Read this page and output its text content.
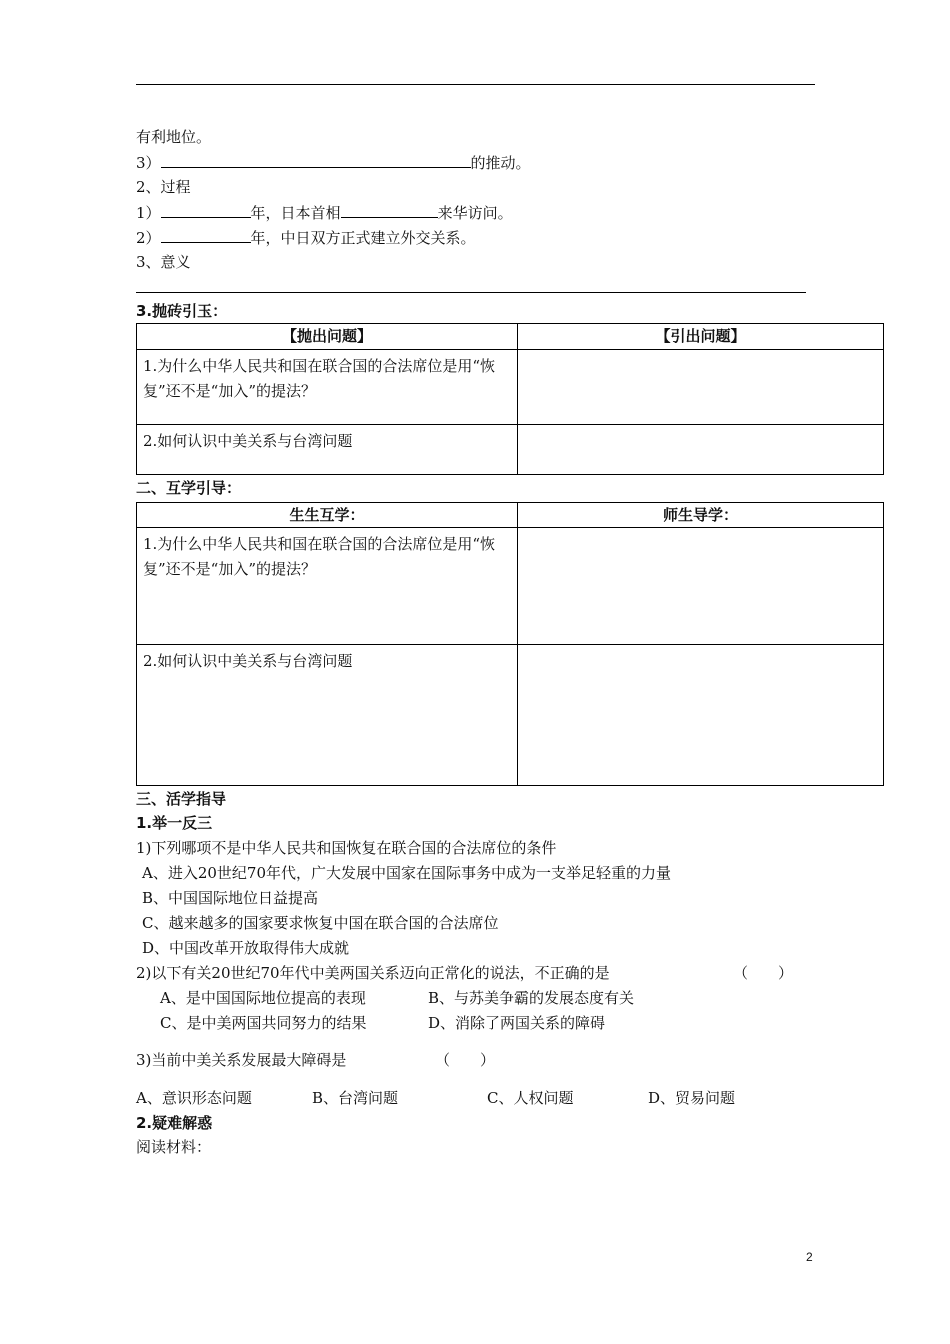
有利地位。
3）	的推动。
2、过程
1）	年，日本首相	来华访问。
2）	年，中日双方正式建立外交关系。
3、意义
3.抛砖引玉：
【抛出问题】	【引出问题】
1.为什么中华人民共和国在联合国的合法席位是用“恢复”还不是“加入”的提法？	
2.如何认识中美关系与台湾问题	
二、互学引导：
生生互学：	师生导学：
1.为什么中华人民共和国在联合国的合法席位是用“恢复”还不是“加入”的提法？	
2.如何认识中美关系与台湾问题	
三、活学指导
1.举一反三
1)下列哪项不是中华人民共和国恢复在联合国的合法席位的条件
A、进入20世纪70年代，广大发展中国家在国际事务中成为一支举足轻重的力量
B、中国国际地位日益提高
C、越来越多的国家要求恢复中国在联合国的合法席位
D、中国改革开放取得伟大成就
2)以下有关20世纪70年代中美两国关系迈向正常化的说法，不正确的是	（　　）
A、是中国国际地位提高的表现	B、与苏美争霸的发展态度有关
C、是中美两国共同努力的结果	D、消除了两国关系的障碍
3)当前中美关系发展最大障碍是	（　　）
A、意识形态问题	B、台湾问题	C、人权问题	D、贸易问题
2.疑难解惑
阅读材料：
2
